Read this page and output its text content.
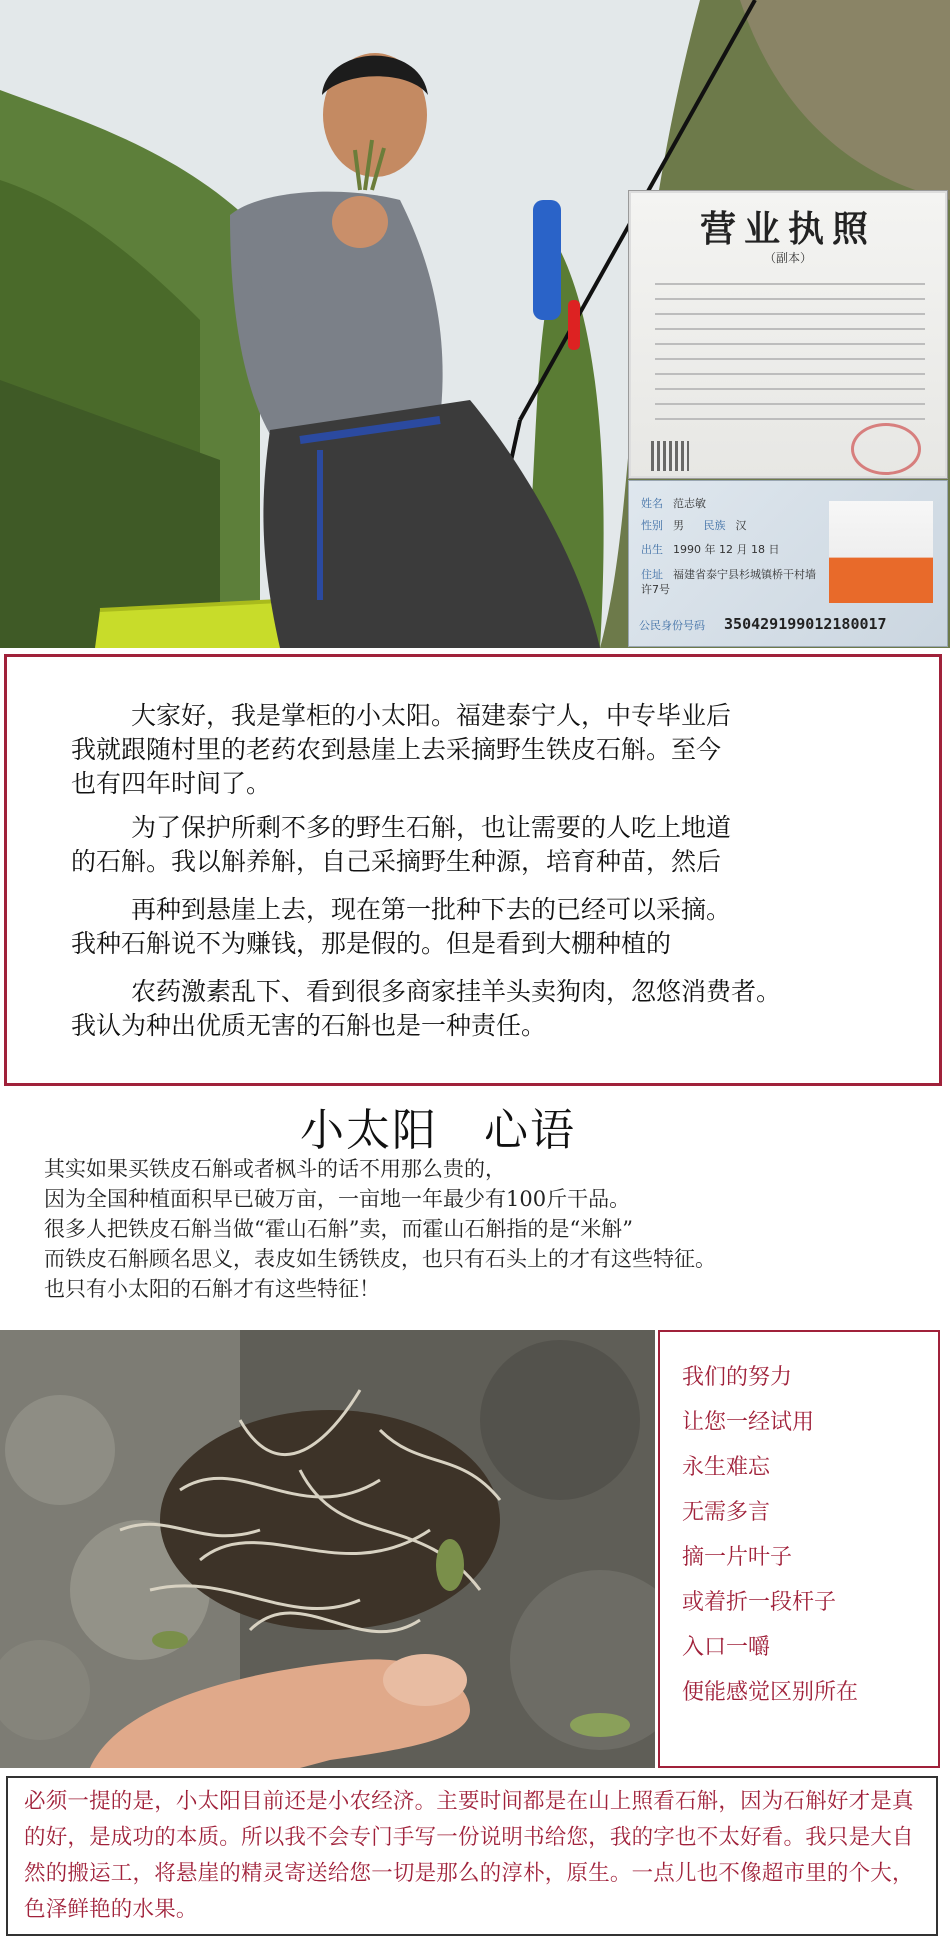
营业执照
（副本）
姓名 范志敏
性别 男 民族 汉
出生 1990 年 12 月 18 日
住址 福建省泰宁县杉城镇桥干村墙许7号
公民身份号码 350429199012180017

大家好，我是掌柜的小太阳。福建泰宁人，中专毕业后
我就跟随村里的老药农到悬崖上去采摘野生铁皮石斛。至今
也有四年时间了。

为了保护所剩不多的野生石斛，也让需要的人吃上地道
的石斛。我以斛养斛，自己采摘野生种源，培育种苗，然后

再种到悬崖上去，现在第一批种下去的已经可以采摘。
我种石斛说不为赚钱，那是假的。但是看到大棚种植的

农药激素乱下、看到很多商家挂羊头卖狗肉，忽悠消费者。
我认为种出优质无害的石斛也是一种责任。

小太阳　心语
其实如果买铁皮石斛或者枫斗的话不用那么贵的，
因为全国种植面积早已破万亩，一亩地一年最少有100斤干品。
很多人把铁皮石斛当做“霍山石斛”卖，而霍山石斛指的是“米斛”
而铁皮石斛顾名思义，表皮如生锈铁皮，也只有石头上的才有这些特征。
也只有小太阳的石斛才有这些特征！
我们的努力
让您一经试用
永生难忘
无需多言
摘一片叶子
或着折一段杆子
入口一嚼
便能感觉区别所在

必须一提的是，小太阳目前还是小农经济。主要时间都是在山上照看石斛，因为石斛好才是真的好，是成功的本质。所以我不会专门手写一份说明书给您，我的字也不太好看。我只是大自然的搬运工，将悬崖的精灵寄送给您一切是那么的淳朴，原生。一点儿也不像超市里的个大，色泽鲜艳的水果。
